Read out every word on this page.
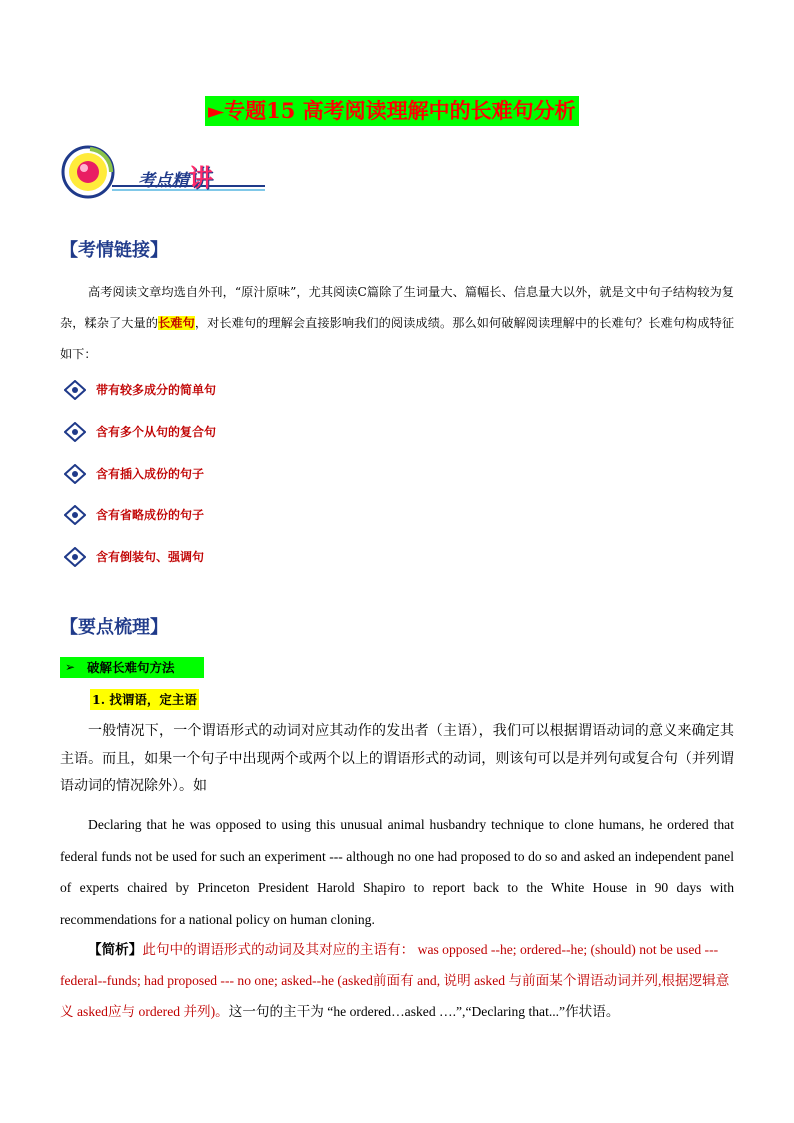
►专题15 高考阅读理解中的长难句分析
考点精讲
【考情链接】
高考阅读文章均选自外刊，“原汁原味”，尤其阅读C篇除了生词量大、篇幅长、信息量大以外，就是文中句子结构较为复杂，糅杂了大量的长难句，对长难句的理解会直接影响我们的阅读成绩。那么如何破解阅读理解中的长难句？长难句构成特征如下：
带有较多成分的简单句
含有多个从句的复合句
含有插入成份的句子
含有省略成份的句子
含有倒装句、强调句
【要点梳理】
➢ 破解长难句方法
1. 找谓语，定主语
一般情况下，一个谓语形式的动词对应其动作的发出者（主语），我们可以根据谓语动词的意义来确定其主语。而且，如果一个句子中出现两个或两个以上的谓语形式的动词，则该句可以是并列句或复合句（并列谓语动词的情况除外）。如
Declaring that he was opposed to using this unusual animal husbandry technique to clone humans, he ordered that federal funds not be used for such an experiment --- although no one had proposed to do so and asked an independent panel of experts chaired by Princeton President Harold Shapiro to report back to the White House in 90 days with recommendations for a national policy on human cloning.
【简析】此句中的谓语形式的动词及其对应的主语有： was opposed --he; ordered--he; (should) not be used ---federal--funds; had proposed --- no one; asked--he (asked前面有 and, 说明 asked 与前面某个谓语动词并列,根据逻辑意义 asked应与 ordered 并列)。这一句的主干为 “he ordered…asked ….”,“Declaring that...”作状语。
